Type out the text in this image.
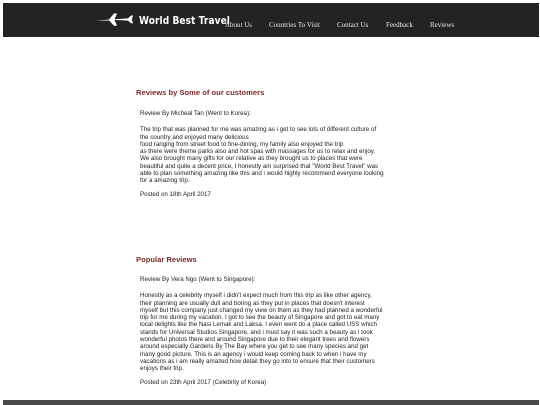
World Best Travel
About Us Countries To Visit Contact Us	Feedback Reviews
Reviews by Some of our customers

Review By Micheal Tan (Went to Korea):

The trip that was planned for me was amazing as i get to see lots of different culture of
the country and enjoyed many delicious
food ranging from street food to fine-dining, my family also enjoyed the trip
as there were theme parks also and hot spas with massages for us to relax and enjoy.
We also brought many gifts for our relative as they brought us to places that were
beautiful and quite a decent price, I honestly am surprised that "World Best Travel" was
able to plan something amazing like this and i would highly recommend everyone looking
for a amazing trip.

Posted on 18th April 2017

Popular Reviews

Review By Vera Ngo (Went to Singapore):

Honestly as a celebrity myself i didn't expect much from this trip as like other agency,
their planning are usually dull and boring as they put in places that doesn't interest
myself but this company just changed my view on them as they had planned a wonderful
trip for me during my vacation. I got to see the beauty of Singapore and got to eat many
local delights like the Nasi Lemak and Laksa. I even went do a place called USS which
stands for Universal Studios Singapore, and i must say it was such a beauty as i took
wonderful photos there and around Singapore due to their elegant trees and flowers
around especially Gardens By The Bay where you get to see many species and get
many good picture. This is an agency i would keep coming back to when i have my
vacations as i am really amazed how detail they go into to ensure that their customers
enjoys their trip.

Posted on 23th April 2017 (Celebrity of Korea)
